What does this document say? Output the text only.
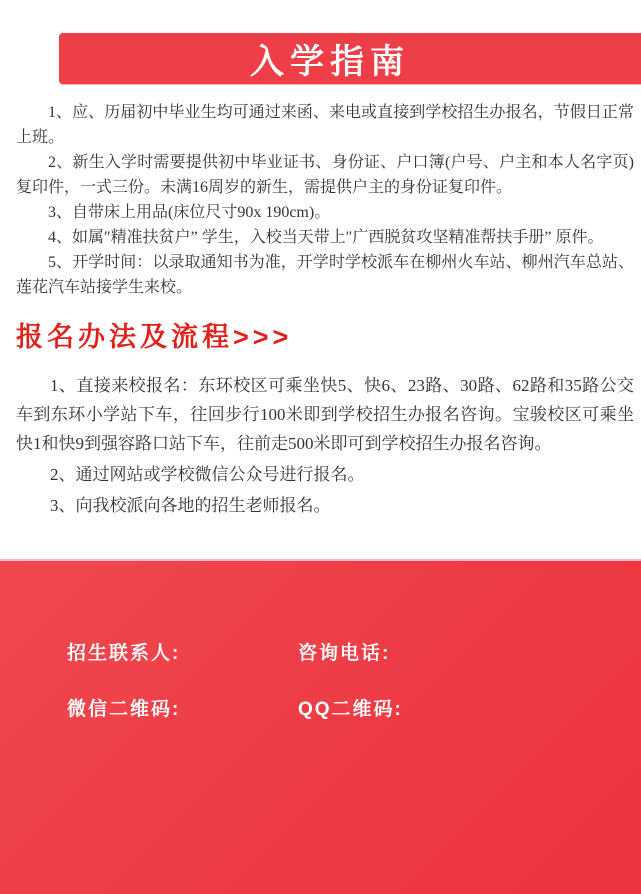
入学指南

1、应、历届初中毕业生均可通过来函、来电或直接到学校招生办报名，节假日正常上班。

2、新生入学时需要提供初中毕业证书、身份证、户口簿(户号、户主和本人名字页)复印件，一式三份。未满16周岁的新生，需提供户主的身份证复印件。

3、自带床上用品(床位尺寸90x 190cm)。

4、如属″精准扶贫户” 学生，入校当天带上″广西脱贫攻坚精准帮扶手册” 原件。

5、开学时间：以录取通知书为准，开学时学校派车在柳州火车站、柳州汽车总站、莲花汽车站接学生来校。

报名办法及流程>>>

1、直接来校报名：东环校区可乘坐快5、快6、23路、30路、62路和35路公交车到东环小学站下车，往回步行100米即到学校招生办报名咨询。宝骏校区可乘坐快1和快9到强容路口站下车，往前走500米即可到学校招生办报名咨询。

2、通过网站或学校微信公众号进行报名。

3、向我校派向各地的招生老师报名。

招生联系人:	咨询电话:
微信二维码:	QQ二维码:
